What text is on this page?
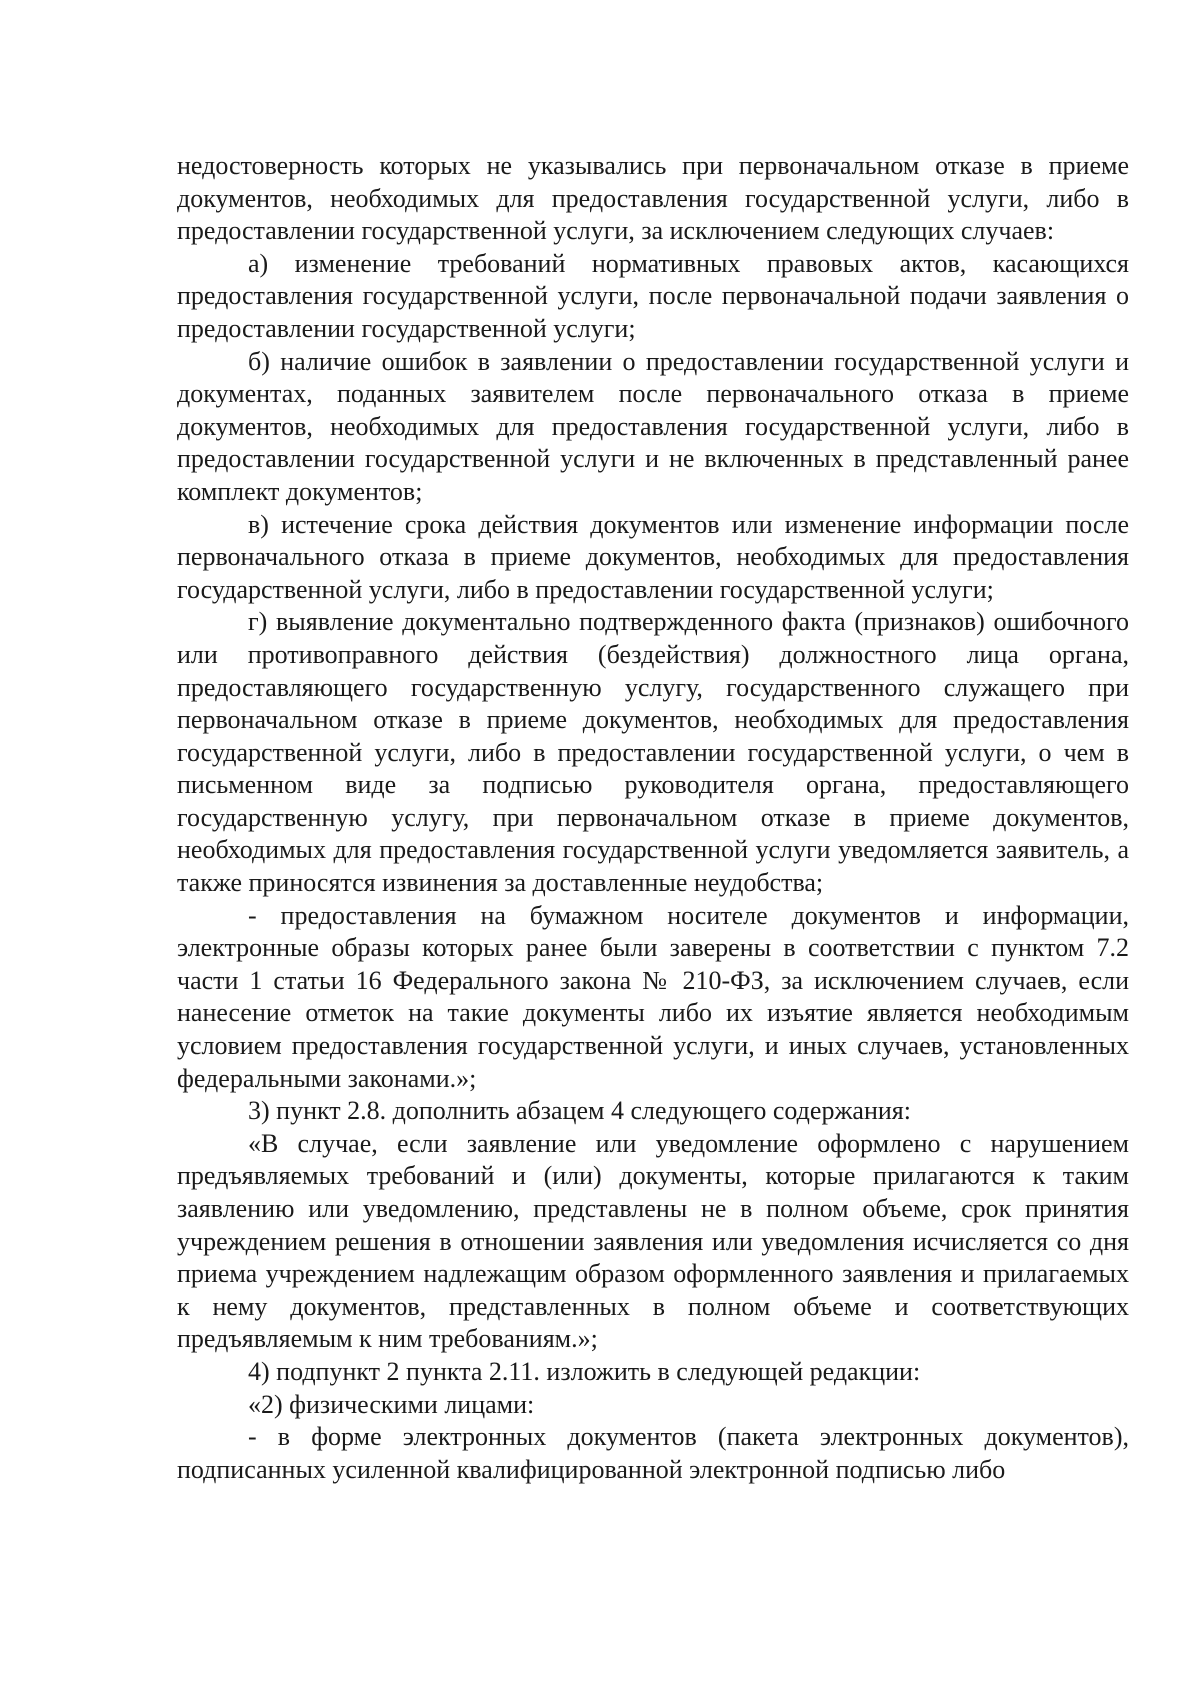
недостоверность которых не указывались при первоначальном отказе в приеме документов, необходимых для предоставления государственной услуги, либо в предоставлении государственной услуги, за исключением следующих случаев:

а) изменение требований нормативных правовых актов, касающихся предоставления государственной услуги, после первоначальной подачи заявления о предоставлении государственной услуги;

б) наличие ошибок в заявлении о предоставлении государственной услуги и документах, поданных заявителем после первоначального отказа в приеме документов, необходимых для предоставления государственной услуги, либо в предоставлении государственной услуги и не включенных в представленный ранее комплект документов;

в) истечение срока действия документов или изменение информации после первоначального отказа в приеме документов, необходимых для предоставления государственной услуги, либо в предоставлении государственной услуги;

г) выявление документально подтвержденного факта (признаков) ошибочного или противоправного действия (бездействия) должностного лица органа, предоставляющего государственную услугу, государственного служащего при первоначальном отказе в приеме документов, необходимых для предоставления государственной услуги, либо в предоставлении государственной услуги, о чем в письменном виде за подписью руководителя органа, предоставляющего государственную услугу, при первоначальном отказе в приеме документов, необходимых для предоставления государственной услуги уведомляется заявитель, а также приносятся извинения за доставленные неудобства;

- предоставления на бумажном носителе документов и информации, электронные образы которых ранее были заверены в соответствии с пунктом 7.2 части 1 статьи 16 Федерального закона № 210-ФЗ, за исключением случаев, если нанесение отметок на такие документы либо их изъятие является необходимым условием предоставления государственной услуги, и иных случаев, установленных федеральными законами.»;

3) пункт 2.8. дополнить абзацем 4 следующего содержания:

«В случае, если заявление или уведомление оформлено с нарушением предъявляемых требований и (или) документы, которые прилагаются к таким заявлению или уведомлению, представлены не в полном объеме, срок принятия учреждением решения в отношении заявления или уведомления исчисляется со дня приема учреждением надлежащим образом оформленного заявления и прилагаемых к нему документов, представленных в полном объеме и соответствующих предъявляемым к ним требованиям.»;

4) подпункт 2 пункта 2.11. изложить в следующей редакции:

«2) физическими лицами:

- в форме электронных документов (пакета электронных документов), подписанных усиленной квалифицированной электронной подписью либо
